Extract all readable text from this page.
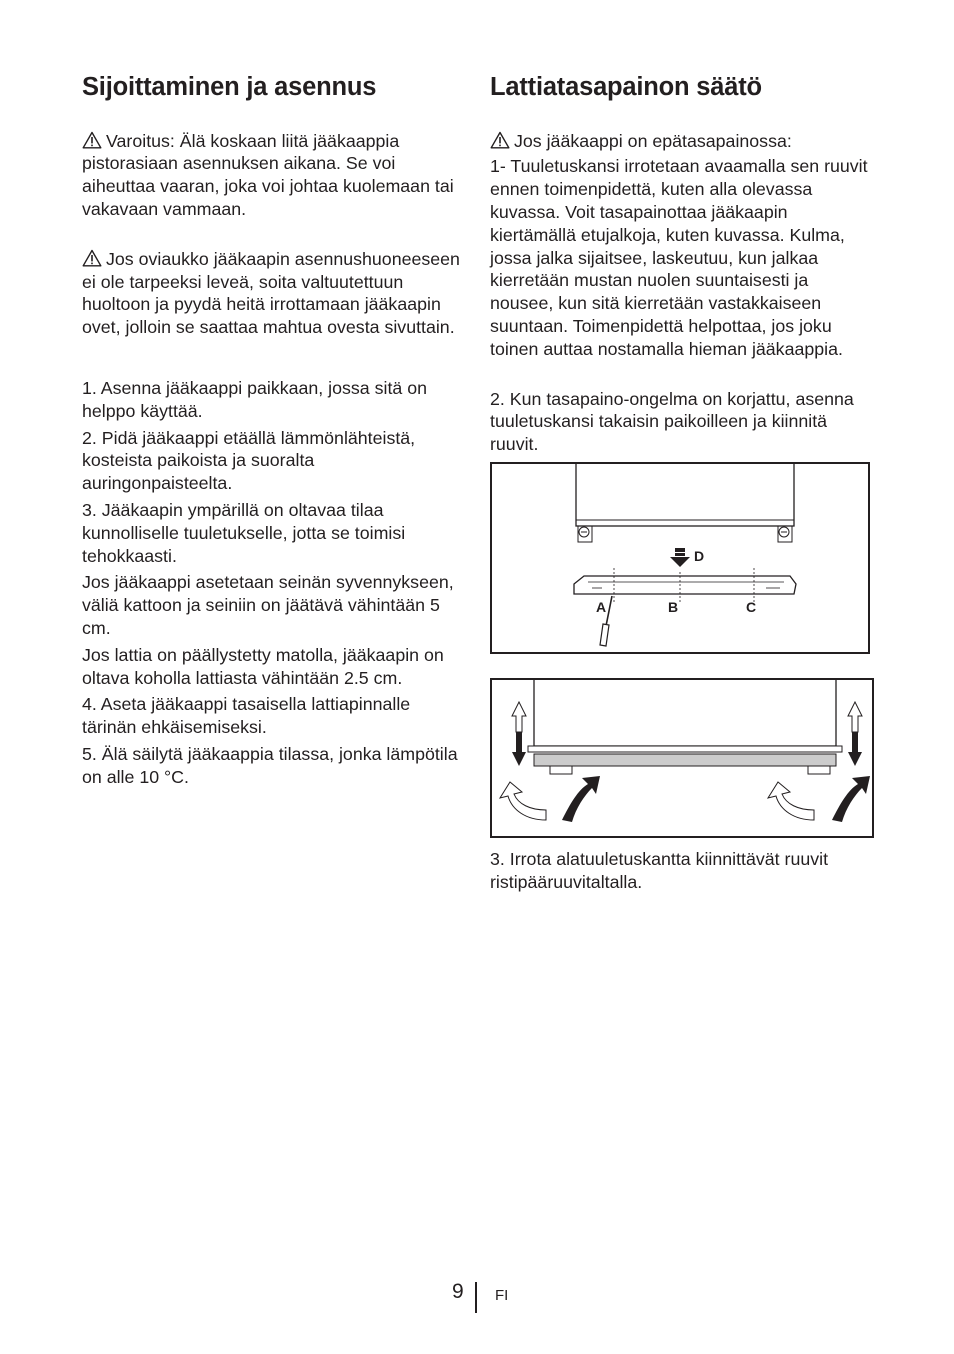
Sijoittaminen ja asennus

Varoitus: Älä koskaan liitä jääkaappia pistorasiaan asennuksen aikana. Se voi aiheuttaa vaaran, joka voi johtaa kuolemaan tai vakavaan vammaan.

Jos oviaukko jääkaapin asennushuoneeseen ei ole tarpeeksi leveä, soita valtuutettuun huoltoon ja pyydä heitä irrottamaan jääkaapin ovet, jolloin se saattaa mahtua ovesta sivuttain.

1. Asenna jääkaappi paikkaan, jossa sitä on helppo käyttää.

2. Pidä jääkaappi etäällä lämmönlähteistä, kosteista paikoista ja suoralta auringonpaisteelta.

3. Jääkaapin ympärillä on oltavaa tilaa kunnolliselle tuuletukselle, jotta se toimisi tehokkaasti.

Jos jääkaappi asetetaan seinän syvennykseen, väliä kattoon ja seiniin on jäätävä vähintään 5 cm.

Jos lattia on päällystetty matolla, jääkaapin on oltava koholla lattiasta vähintään 2.5 cm.

4. Aseta jääkaappi tasaisella lattiapinnalle tärinän ehkäisemiseksi.

5. Älä säilytä jääkaappia tilassa, jonka lämpötila on alle 10 °C.

Lattiatasapainon säätö

Jos jääkaappi on epätasapainossa:

1- Tuuletuskansi irrotetaan avaamalla sen ruuvit ennen toimenpidettä, kuten alla olevassa kuvassa. Voit tasapainottaa jääkaapin kiertämällä etujalkoja, kuten kuvassa. Kulma, jossa jalka sijaitsee, laskeutuu, kun jalkaa kierretään mustan nuolen suuntaisesti ja nousee, kun sitä kierretään vastakkaiseen suuntaan. Toimenpidettä helpottaa, jos joku toinen auttaa nostamalla hieman jääkaappia.

2. Kun tasapaino-ongelma on korjattu, asenna tuuletuskansi takaisin paikoilleen ja kiinnitä ruuvit.

D
A	B	C

3. Irrota alatuuletuskantta kiinnittävät ruuvit ristipääruuvitaltalla.

9 FI
